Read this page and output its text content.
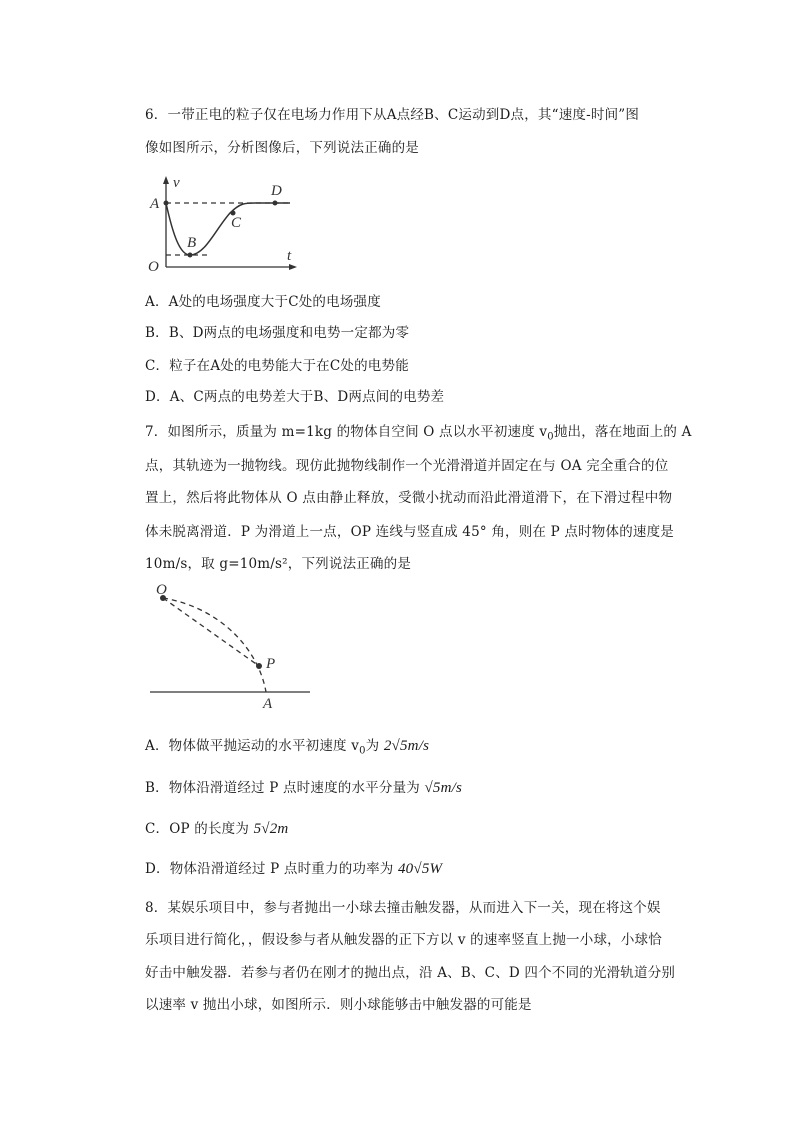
6．一带正电的粒子仅在电场力作用下从A点经B、C运动到D点，其“速度-时间”图
像如图所示，分析图像后，下列说法正确的是
v
A
O
B
C
D
t
A．A处的电场强度大于C处的电场强度
B．B、D两点的电场强度和电势一定都为零
C．粒子在A处的电势能大于在C处的电势能
D．A、C两点的电势差大于B、D两点间的电势差
7．如图所示，质量为 m=1kg 的物体自空间 O 点以水平初速度 $v_0$抛出，落在地面上的 A
点，其轨迹为一抛物线。现仿此抛物线制作一个光滑滑道并固定在与 OA 完全重合的位
置上，然后将此物体从 O 点由静止释放，受微小扰动而沿此滑道滑下，在下滑过程中物
体未脱离滑道．P 为滑道上一点，OP 连线与竖直成 45° 角，则在 P 点时物体的速度是
10m/s，取 g=10m/s²，下列说法正确的是
O
P
A
A．物体做平抛运动的水平初速度 $v_0$为 2√5m/s
B．物体沿滑道经过 P 点时速度的水平分量为 √5m/s
C．OP 的长度为 5√2m
D．物体沿滑道经过 P 点时重力的功率为 40√5W
8．某娱乐项目中，参与者抛出一小球去撞击触发器，从而进入下一关，现在将这个娱
乐项目进行简化，，假设参与者从触发器的正下方以 v 的速率竖直上抛一小球，小球恰
好击中触发器．若参与者仍在刚才的抛出点，沿 A、B、C、D 四个不同的光滑轨道分别
以速率 v 抛出小球，如图所示．则小球能够击中触发器的可能是
